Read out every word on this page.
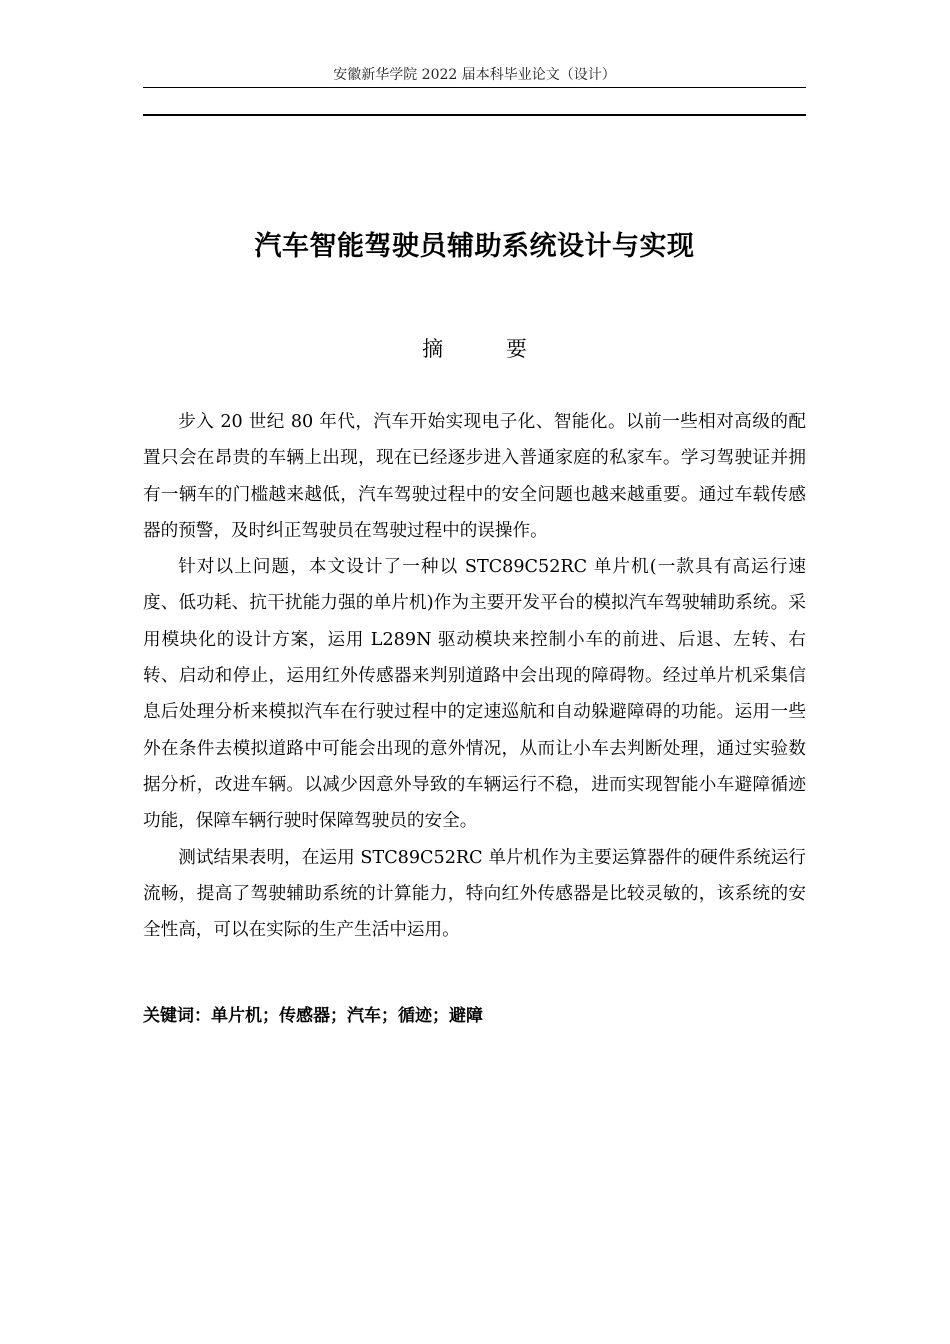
安徽新华学院 2022 届本科毕业论文（设计）
汽车智能驾驶员辅助系统设计与实现
摘 要

步入 20 世纪 80 年代，汽车开始实现电子化、智能化。以前一些相对高级的配置只会在昂贵的车辆上出现，现在已经逐步进入普通家庭的私家车。学习驾驶证并拥有一辆车的门槛越来越低，汽车驾驶过程中的安全问题也越来越重要。通过车载传感器的预警，及时纠正驾驶员在驾驶过程中的误操作。

针对以上问题，本文设计了一种以 STC89C52RC 单片机(一款具有高运行速度、低功耗、抗干扰能力强的单片机)作为主要开发平台的模拟汽车驾驶辅助系统。采用模块化的设计方案，运用 L289N 驱动模块来控制小车的前进、后退、左转、右转、启动和停止，运用红外传感器来判别道路中会出现的障碍物。经过单片机采集信息后处理分析来模拟汽车在行驶过程中的定速巡航和自动躲避障碍的功能。运用一些外在条件去模拟道路中可能会出现的意外情况，从而让小车去判断处理，通过实验数据分析，改进车辆。以减少因意外导致的车辆运行不稳，进而实现智能小车避障循迹功能，保障车辆行驶时保障驾驶员的安全。

测试结果表明，在运用 STC89C52RC 单片机作为主要运算器件的硬件系统运行流畅，提高了驾驶辅助系统的计算能力，特向红外传感器是比较灵敏的，该系统的安全性高，可以在实际的生产生活中运用。

关键词：单片机；传感器；汽车；循迹；避障
